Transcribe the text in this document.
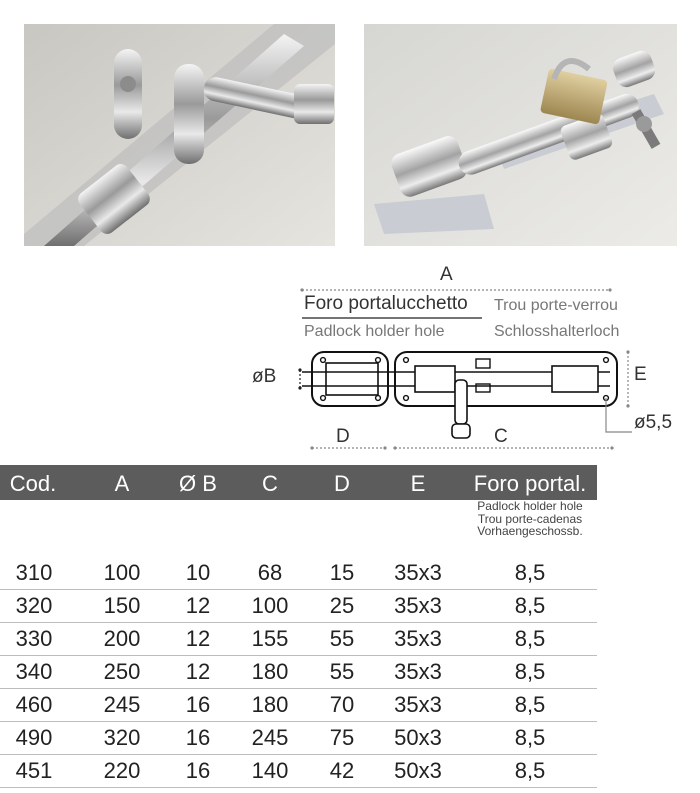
A
Foro portalucchetto Trou porte-verrou
Padlock holder hole	Schlosshalterloch
øB	E
ø5,5
D	C
Cod.	A	Ø B	C	D	E	Foro portal.
Padlock holder hole
Trou porte-cadenas
Vorhaengeschossb.
310	100	10	68	15	35x3	8,5
320	150	12	100	25	35x3	8,5
330	200	12	155	55	35x3	8,5
340	250	12	180	55	35x3	8,5
460	245	16	180	70	35x3	8,5
490	320	16	245	75	50x3	8,5
451	220	16	140	42	50x3	8,5
